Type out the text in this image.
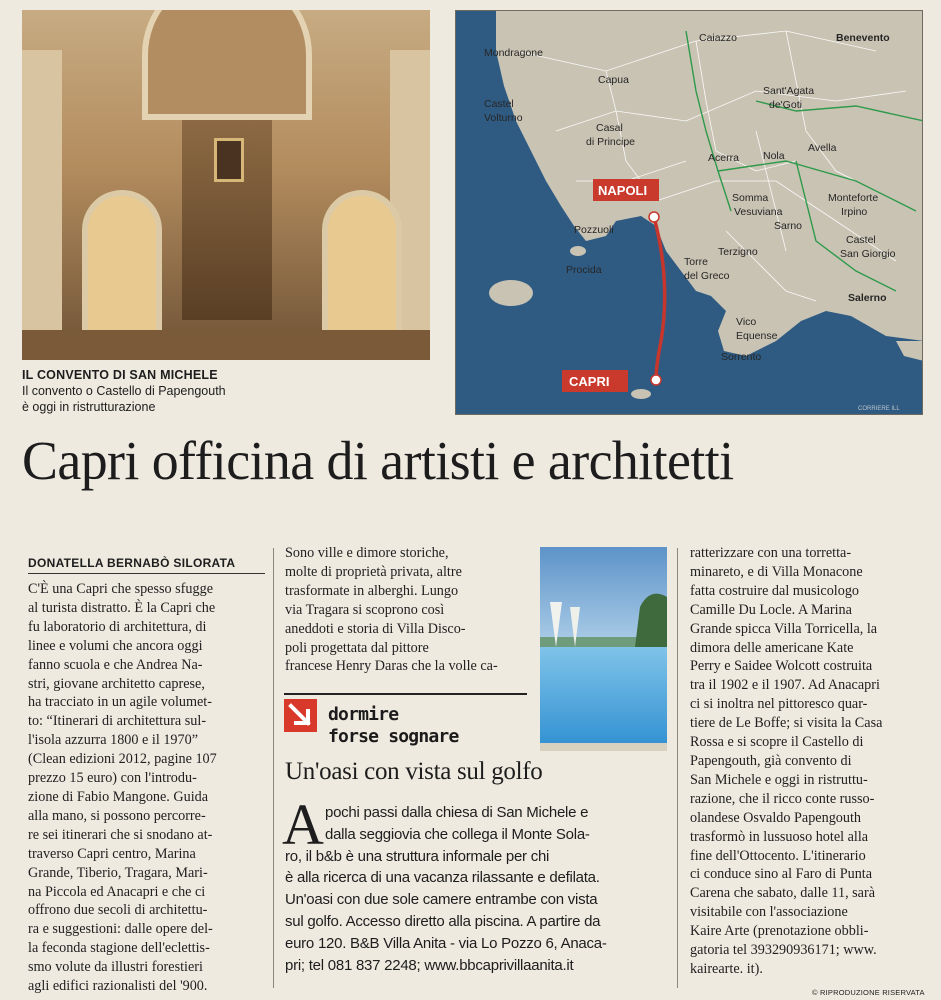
NAPOLI
CAPRI
Mondragone
Caiazzo	Benevento
Capua
Sant'Agata
de'Goti
Castel
Volturno
Casal
di Principe
Acerra Nola
Avella
Somma
Vesuviana
Monteforte
Irpino
Pozzuoli	Sarno
Castel
San Giorgio
Procida
Terzigno
Torre
del Greco
Salerno
Vico
Equense
Sorrento
CORRIERE ILL
IL CONVENTO DI SAN MICHELE
Il convento o Castello di Papengouth
è oggi in ristrutturazione
Capri officina di artisti e architetti
DONATELLA BERNABÒ SILORATA
C'È una Capri che spesso sfugge
al turista distratto. È la Capri che
fu laboratorio di architettura, di
linee e volumi che ancora oggi
fanno scuola e che Andrea Na-
stri, giovane architetto caprese,
ha tracciato in un agile volumet-
to: “Itinerari di architettura sul-
l'isola azzurra 1800 e il 1970”
(Clean edizioni 2012, pagine 107
prezzo 15 euro) con l'introdu-
zione di Fabio Mangone. Guida
alla mano, si possono percorre-
re sei itinerari che si snodano at-
traverso Capri centro, Marina
Grande, Tiberio, Tragara, Mari-
na Piccola ed Anacapri e che ci
offrono due secoli di architettu-
ra e suggestioni: dalle opere del-
la feconda stagione dell'eclettis-
smo volute da illustri forestieri
agli edifici razionalisti del '900.
Sono ville e dimore storiche,
molte di proprietà privata, altre
trasformate in alberghi. Lungo
via Tragara si scoprono così
aneddoti e storia di Villa Disco-
poli progettata dal pittore
francese Henry Daras che la volle ca-
dormire
forse sognare
Un'oasi con vista sul golfo
A pochi passi dalla chiesa di San Michele e
dalla seggiovia che collega il Monte Sola-
ro, il b&b è una struttura informale per chi
è alla ricerca di una vacanza rilassante e defilata.
Un'oasi con due sole camere entrambe con vista
sul golfo. Accesso diretto alla piscina. A partire da
euro 120. B&B Villa Anita - via Lo Pozzo 6, Anaca-
pri; tel 081 837 2248; www.bbcaprivillaanita.it
ratterizzare con una torretta-
minareto, e di Villa Monacone
fatta costruire dal musicologo
Camille Du Locle. A Marina
Grande spicca Villa Torricella, la
dimora delle americane Kate
Perry e Saidee Wolcott costruita
tra il 1902 e il 1907. Ad Anacapri
ci si inoltra nel pittoresco quar-
tiere de Le Boffe; si visita la Casa
Rossa e si scopre il Castello di
Papengouth, già convento di
San Michele e oggi in ristruttu-
razione, che il ricco conte russo-
olandese Osvaldo Papengouth
trasformò in lussuoso hotel alla
fine dell'Ottocento. L'itinerario
ci conduce sino al Faro di Punta
Carena che sabato, dalle 11, sarà
visitabile con l'associazione
Kaire Arte (prenotazione obbli-
gatoria tel 393290936171; www.
kairearte. it).
© RIPRODUZIONE RISERVATA
